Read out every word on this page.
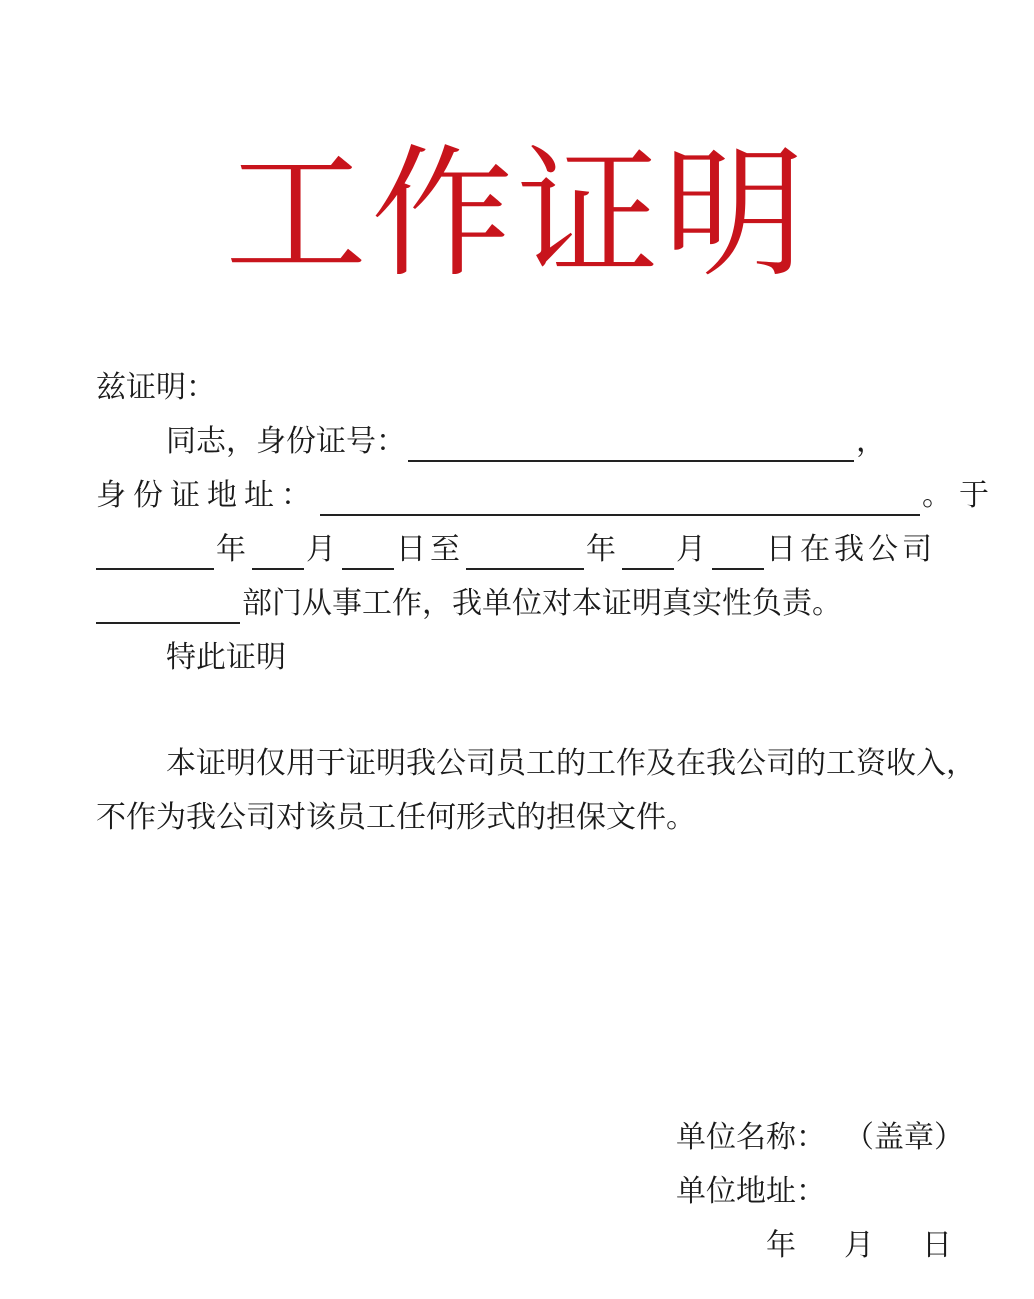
工作证明
兹证明：
同志，身份证号：	，
身份证地址：	。于
年 月 日至	年 月 日在我公司
部门从事工作，我单位对本证明真实性负责。
特此证明
本证明仅用于证明我公司员工的工作及在我公司的工资收入，
不作为我公司对该员工任何形式的担保文件。
单位名称： （盖章）
单位地址：
年 月 日
